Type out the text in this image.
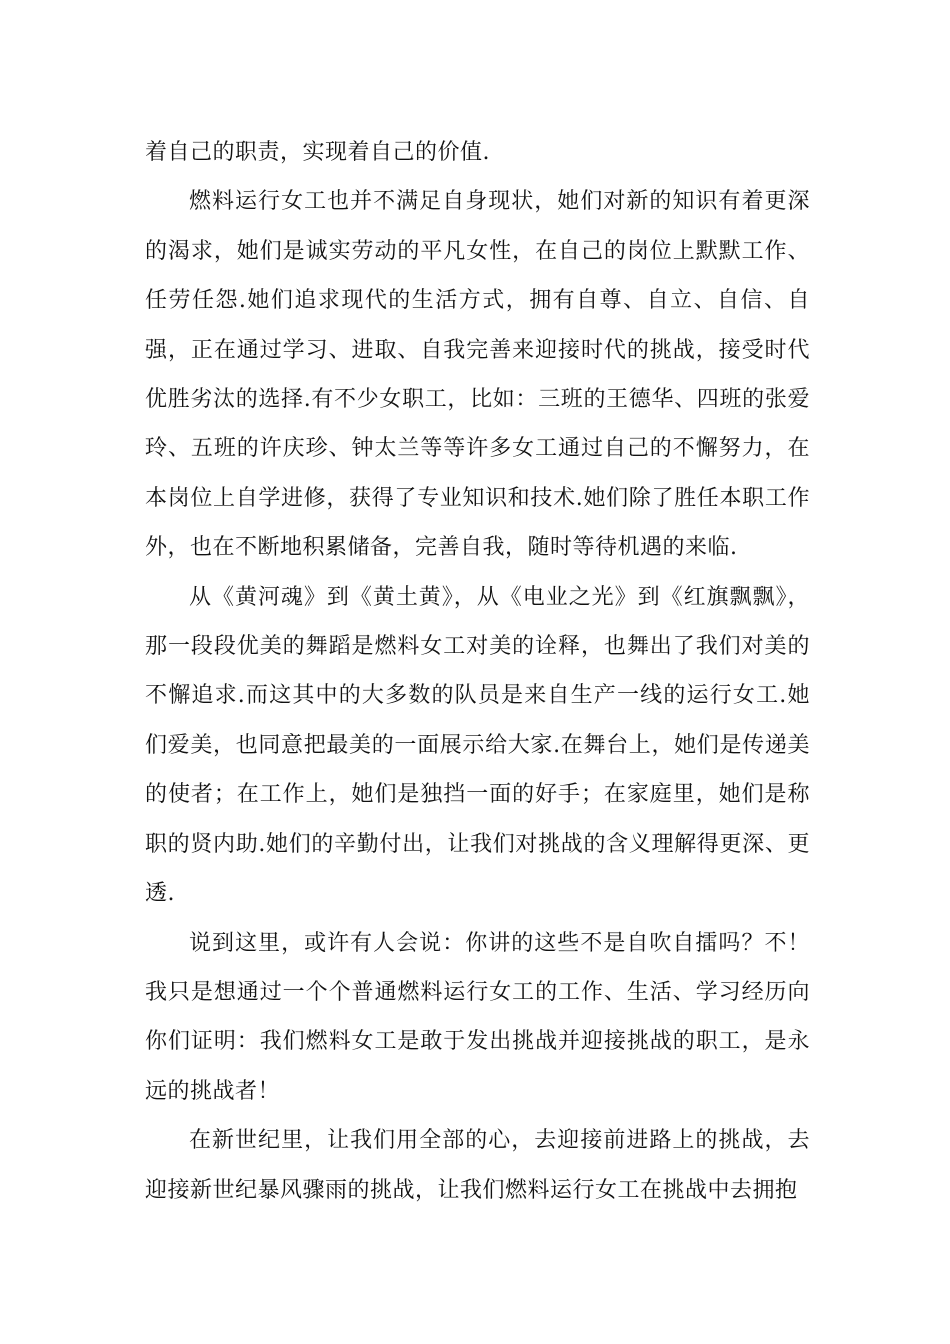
着自己的职责，实现着自己的价值.

燃料运行女工也并不满足自身现状，她们对新的知识有着更深的渴求，她们是诚实劳动的平凡女性，在自己的岗位上默默工作、任劳任怨.她们追求现代的生活方式，拥有自尊、自立、自信、自强，正在通过学习、进取、自我完善来迎接时代的挑战，接受时代优胜劣汰的选择.有不少女职工，比如：三班的王德华、四班的张爱玲、五班的许庆珍、钟太兰等等许多女工通过自己的不懈努力，在本岗位上自学进修，获得了专业知识和技术.她们除了胜任本职工作外，也在不断地积累储备，完善自我，随时等待机遇的来临.

从《黄河魂》到《黄土黄》，从《电业之光》到《红旗飘飘》，那一段段优美的舞蹈是燃料女工对美的诠释，也舞出了我们对美的不懈追求.而这其中的大多数的队员是来自生产一线的运行女工.她们爱美，也同意把最美的一面展示给大家.在舞台上，她们是传递美的使者；在工作上，她们是独挡一面的好手；在家庭里，她们是称职的贤内助.她们的辛勤付出，让我们对挑战的含义理解得更深、更透.

说到这里，或许有人会说：你讲的这些不是自吹自擂吗？不！我只是想通过一个个普通燃料运行女工的工作、生活、学习经历向你们证明：我们燃料女工是敢于发出挑战并迎接挑战的职工，是永远的挑战者！

在新世纪里，让我们用全部的心，去迎接前进路上的挑战，去迎接新世纪暴风骤雨的挑战，让我们燃料运行女工在挑战中去拥抱
